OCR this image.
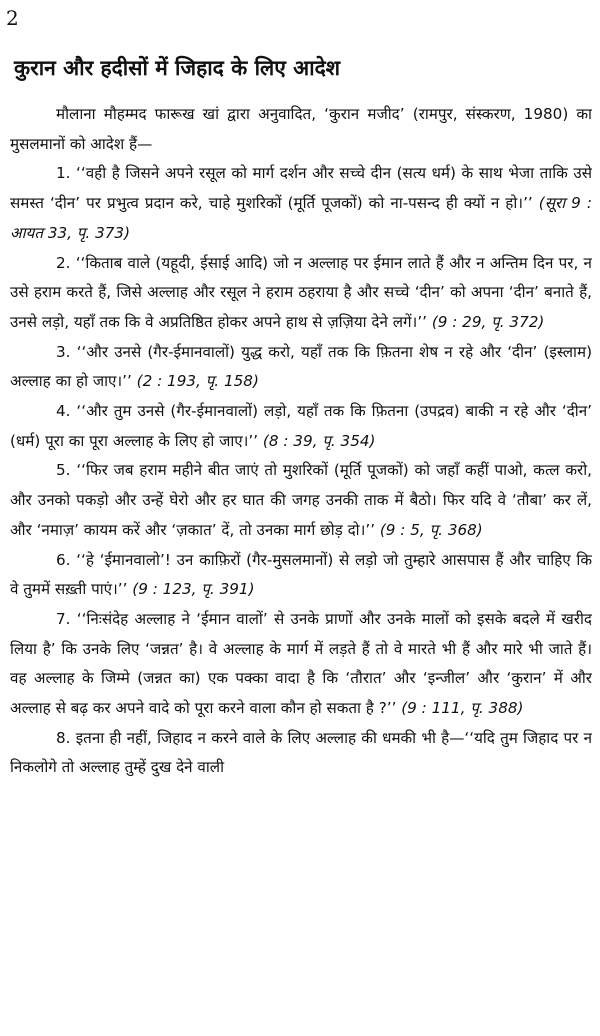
2
कुरान और हदीसों में जिहाद के लिए आदेश

मौलाना मौहम्मद फारूख खां द्वारा अनुवादित, ‘कुरान मजीद’ (रामपुर, संस्करण, 1980) का मुसलमानों को आदेश हैं—

1. ‘‘वही है जिसने अपने रसूल को मार्ग दर्शन और सच्चे दीन (सत्य धर्म) के साथ भेजा ताकि उसे समस्त ‘दीन’ पर प्रभुत्व प्रदान करे, चाहे मुशरिकों (मूर्ति पूजकों) को ना-पसन्द ही क्यों न हो।’’ (सूरा 9 : आयत 33, पृ. 373)

2. ‘‘किताब वाले (यहूदी, ईसाई आदि) जो न अल्लाह पर ईमान लाते हैं और न अन्तिम दिन पर, न उसे हराम करते हैं, जिसे अल्लाह और रसूल ने हराम ठहराया है और सच्चे ‘दीन’ को अपना ‘दीन’ बनाते हैं, उनसे लड़ो, यहाँ तक कि वे अप्रतिष्ठित होकर अपने हाथ से ज़ज़िया देने लगें।’’ (9 : 29, पृ. 372)

3. ‘‘और उनसे (गैर-ईमानवालों) युद्ध करो, यहाँ तक कि फ़ितना शेष न रहे और ‘दीन’ (इस्लाम) अल्लाह का हो जाए।’’ (2 : 193, पृ. 158)

4. ‘‘और तुम उनसे (गैर-ईमानवालों) लड़ो, यहाँ तक कि फ़ितना (उपद्रव) बाकी न रहे और ‘दीन’ (धर्म) पूरा का पूरा अल्लाह के लिए हो जाए।’’ (8 : 39, पृ. 354)

5. ‘‘फिर जब हराम महीने बीत जाएं तो मुशरिकों (मूर्ति पूजकों) को जहाँ कहीं पाओ, कत्ल करो, और उनको पकड़ो और उन्हें घेरो और हर घात की जगह उनकी ताक में बैठो। फिर यदि वे ‘तौबा’ कर लें, और ‘नमाज़’ कायम करें और ‘ज़कात’ दें, तो उनका मार्ग छोड़ दो।’’ (9 : 5, पृ. 368)

6. ‘‘हे ‘ईमानवालो’! उन काफ़िरों (गैर-मुसलमानों) से लड़ो जो तुम्हारे आसपास हैं और चाहिए कि वे तुममें सख़्ती पाएं।’’ (9 : 123, पृ. 391)

7. ‘‘निःसंदेह अल्लाह ने ‘ईमान वालों’ से उनके प्राणों और उनके मालों को इसके बदले में खरीद लिया है’ कि उनके लिए ‘जन्नत’ है। वे अल्लाह के मार्ग में लड़ते हैं तो वे मारते भी हैं और मारे भी जाते हैं। वह अल्लाह के जिम्मे (जन्नत का) एक पक्का वादा है कि ‘तौरात’ और ‘इन्जील’ और ‘कुरान’ में और अल्लाह से बढ़ कर अपने वादे को पूरा करने वाला कौन हो सकता है ?’’ (9 : 111, पृ. 388)

8. इतना ही नहीं, जिहाद न करने वाले के लिए अल्लाह की धमकी भी है—‘‘यदि तुम जिहाद पर न निकलोगे तो अल्लाह तुम्हें दुख देने वाली
